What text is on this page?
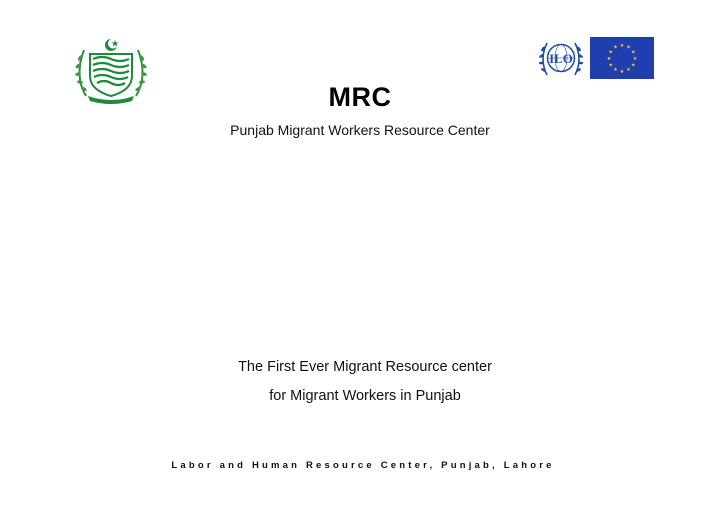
ILO
★ ★
★
★
★
★
★
★
★
★
★
★
MRC
Punjab Migrant Workers Resource Center
The First Ever Migrant Resource center
for Migrant Workers in Punjab
Labor and Human Resource Center, Punjab, Lahore
